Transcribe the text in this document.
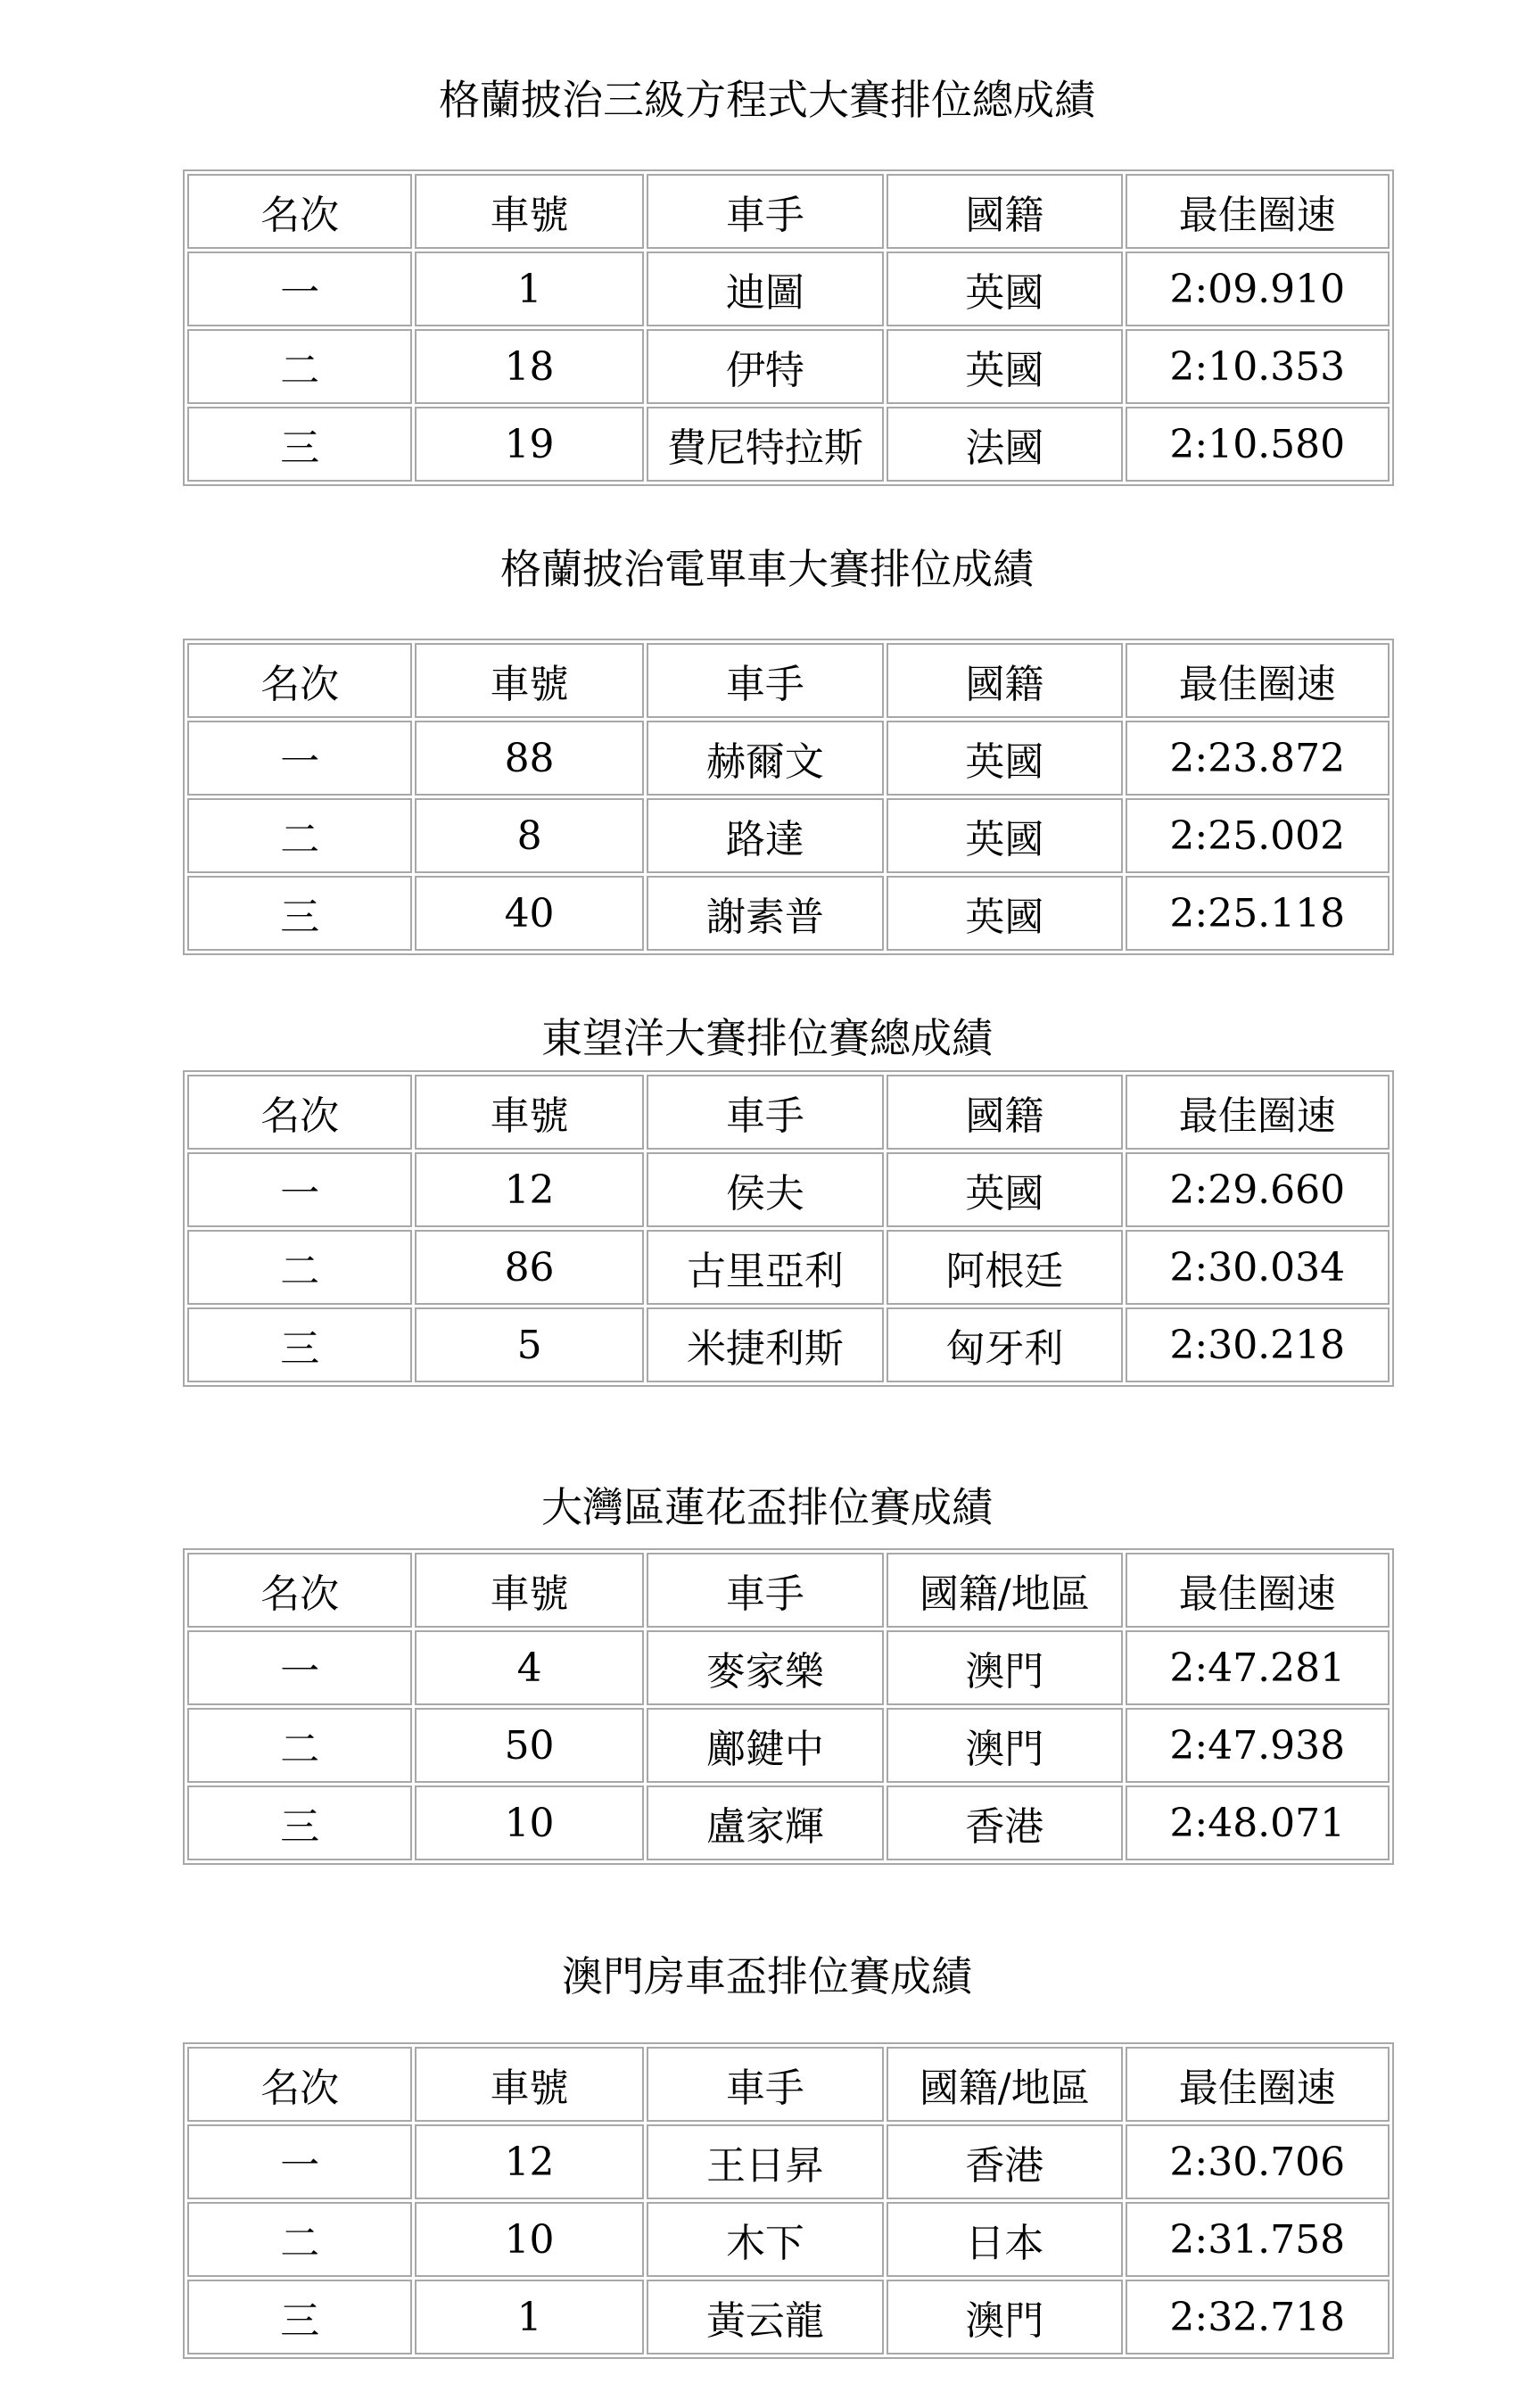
格蘭披治三級方程式大賽排位總成績
名次	車號	車手	國籍	最佳圈速
一	1	迪圖	英國	2:09.910
二	18	伊特	英國	2:10.353
三	19	費尼特拉斯	法國	2:10.580
格蘭披治電單車大賽排位成績
名次	車號	車手	國籍	最佳圈速
一	88	赫爾文	英國	2:23.872
二	8	路達	英國	2:25.002
三	40	謝素普	英國	2:25.118
東望洋大賽排位賽總成績
名次	車號	車手	國籍	最佳圈速
一	12	侯夫	英國	2:29.660
二	86	古里亞利	阿根廷	2:30.034
三	5	米捷利斯	匈牙利	2:30.218
大灣區蓮花盃排位賽成績
名次	車號	車手	國籍/地區	最佳圈速
一	4	麥家樂	澳門	2:47.281
二	50	鄺鍵中	澳門	2:47.938
三	10	盧家輝	香港	2:48.071
澳門房車盃排位賽成績
名次	車號	車手	國籍/地區	最佳圈速
一	12	王日昇	香港	2:30.706
二	10	木下	日本	2:31.758
三	1	黃云龍	澳門	2:32.718
